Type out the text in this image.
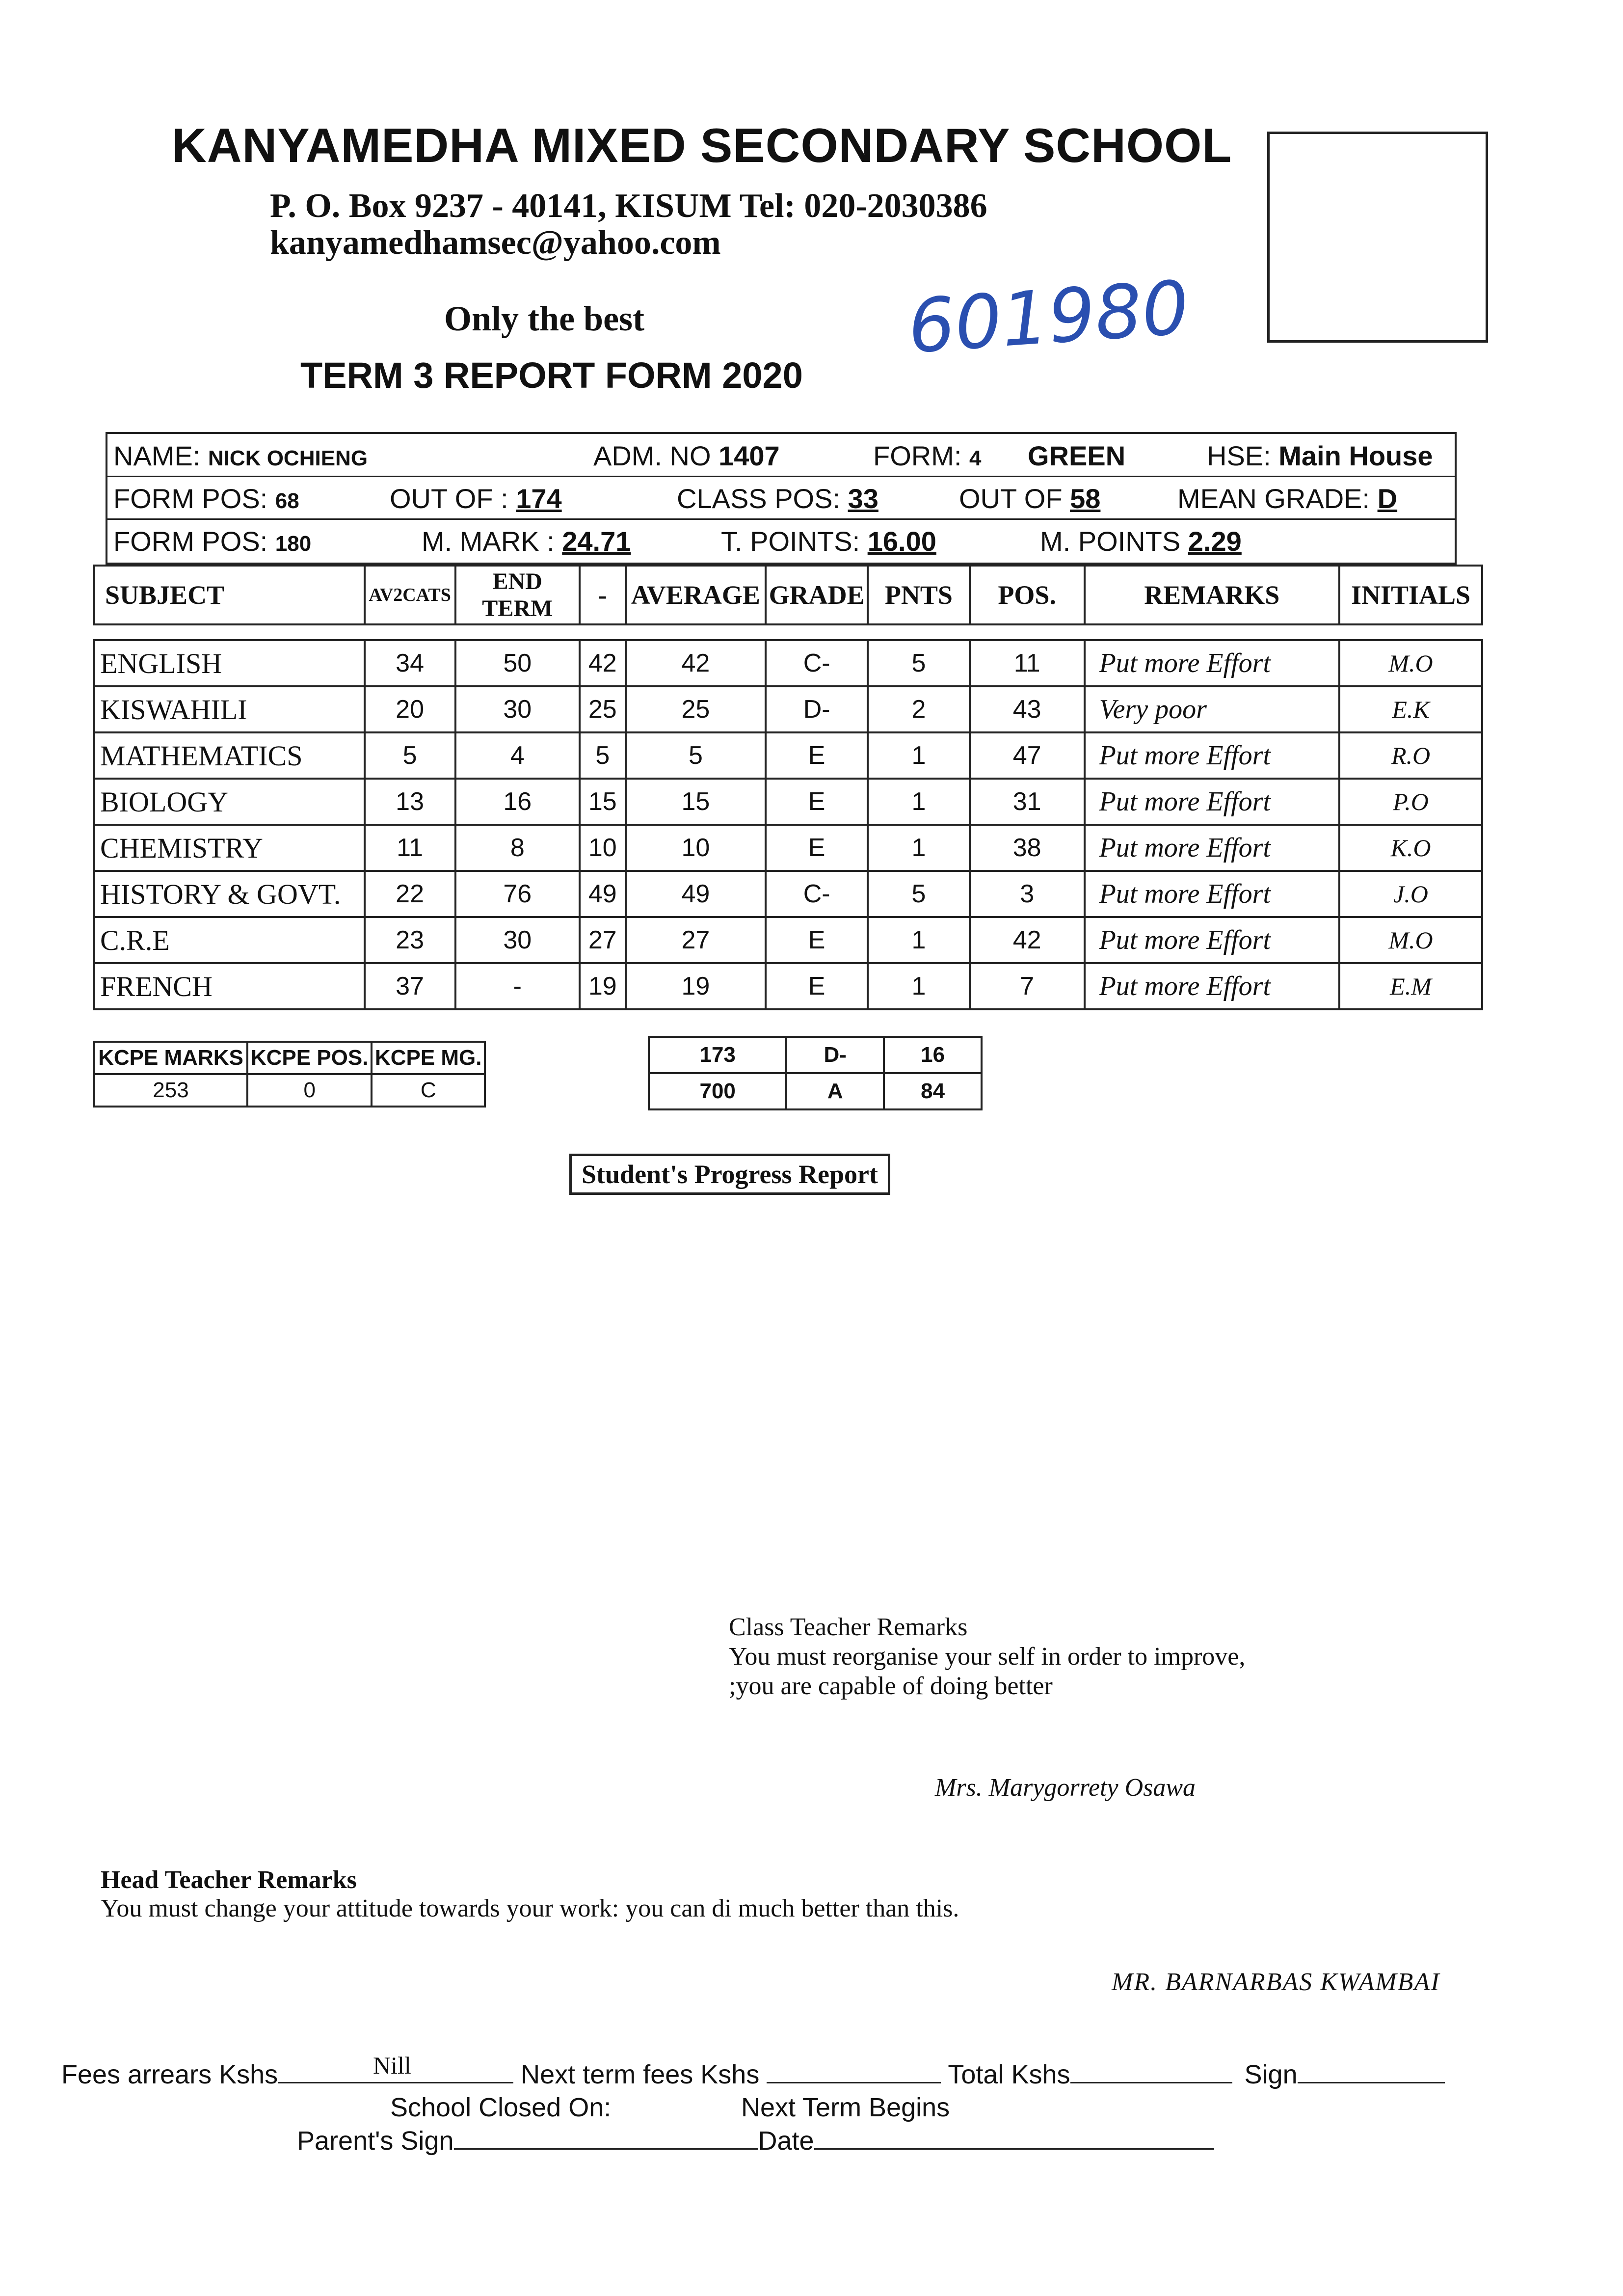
KANYAMEDHA MIXED SECONDARY SCHOOL
P. O. Box 9237 - 40141, KISUM Tel: 020-2030386
kanyamedhamsec@yahoo.com
Only the best
TERM 3 REPORT FORM 2020
601980
NAME: NICK OCHIENG	ADM. NO 1407	FORM: 4 GREEN	HSE: Main House
FORM POS: 68	OUT OF : 174	CLASS POS: 33	OUT OF 58	MEAN GRADE: D
FORM POS: 180	M. MARK : 24.71	T. POINTS: 16.00	M. POINTS 2.29
SUBJECT	AV2CATS	END TERM	-	AVERAGE	GRADE	PNTS	POS.	REMARKS	INITIALS
ENGLISH	34	50	42	42	C-	5	11	Put more Effort	M.O
KISWAHILI	20	30	25	25	D-	2	43	Very poor	E.K
MATHEMATICS	5	4	5	5	E	1	47	Put more Effort	R.O
BIOLOGY	13	16	15	15	E	1	31	Put more Effort	P.O
CHEMISTRY	11	8	10	10	E	1	38	Put more Effort	K.O
HISTORY & GOVT.	22	76	49	49	C-	5	3	Put more Effort	J.O
C.R.E	23	30	27	27	E	1	42	Put more Effort	M.O
FRENCH	37	-	19	19	E	1	7	Put more Effort	E.M
KCPE MARKS	KCPE POS.	KCPE MG.
253	0	C
173	D-	16
700	A	84
Student's Progress Report
Class Teacher Remarks
You must reorganise your self in order to improve, ;you are capable of doing better
Mrs. Marygorrety Osawa
Head Teacher Remarks
You must change your attitude towards your work: you can di much better than this.
MR. BARNARBAS KWAMBAI
Fees arrears Kshs	Next term fees Kshs	Total Kshs	Sign
Nill
School Closed On:	Next Term Begins
Parent's Sign	Date
